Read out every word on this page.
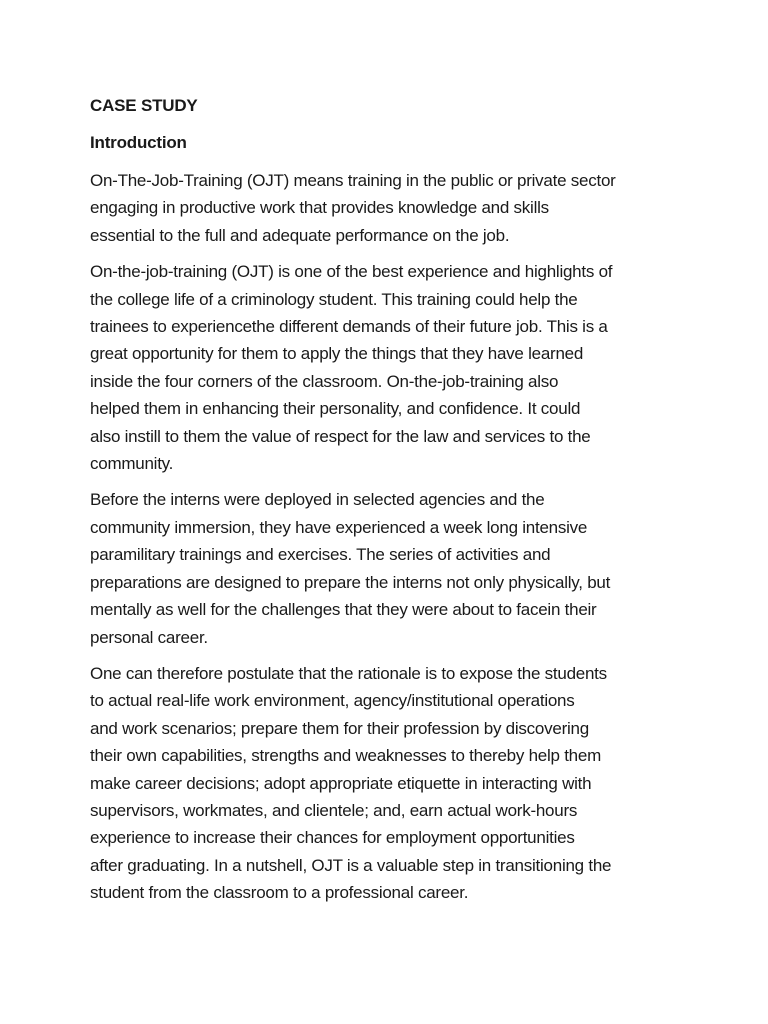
CASE STUDY
Introduction

On-The-Job-Training (OJT) means training in the public or private sector
engaging in productive work that provides knowledge and skills
essential to the full and adequate performance on the job.

On-the-job-training (OJT) is one of the best experience and highlights of
the college life of a criminology student. This training could help the
trainees to experiencethe different demands of their future job. This is a
great opportunity for them to apply the things that they have learned
inside the four corners of the classroom. On-the-job-training also
helped them in enhancing their personality, and confidence. It could
also instill to them the value of respect for the law and services to the
community.

Before the interns were deployed in selected agencies and the
community immersion, they have experienced a week long intensive
paramilitary trainings and exercises. The series of activities and
preparations are designed to prepare the interns not only physically, but
mentally as well for the challenges that they were about to facein their
personal career.

One can therefore postulate that the rationale is to expose the students
to actual real-life work environment, agency/institutional operations
and work scenarios; prepare them for their profession by discovering
their own capabilities, strengths and weaknesses to thereby help them
make career decisions; adopt appropriate etiquette in interacting with
supervisors, workmates, and clientele; and, earn actual work-hours
experience to increase their chances for employment opportunities
after graduating. In a nutshell, OJT is a valuable step in transitioning the
student from the classroom to a professional career.
